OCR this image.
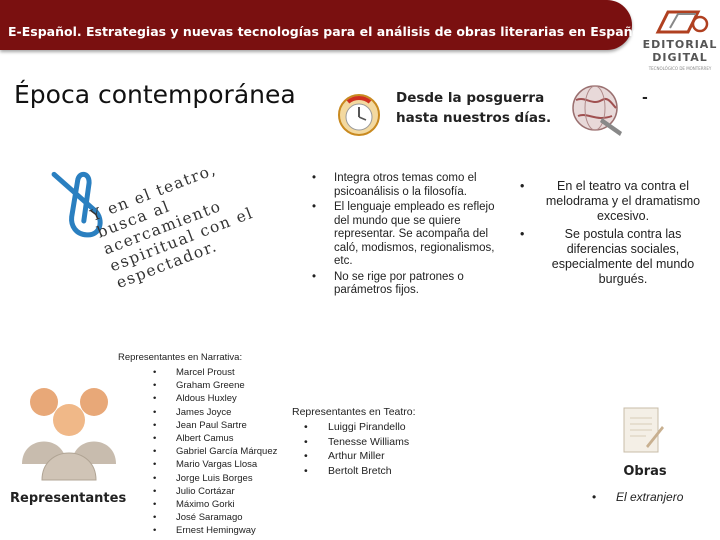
E-Español. Estrategias y nuevas tecnologías para el análisis de obras literarias en Español
EDITORIAL
DIGITAL
TECNOLÓGICO DE MONTERREY
Época contemporánea	Desde la posguerra
hasta nuestros días.
-
Y en el teatro, busca al acercamiento espiritual con el espectador.
• Integra otros temas como el psicoanálisis o la filosofía.
• El lenguaje empleado es reflejo del mundo que se quiere representar. Se acompaña del caló, modismos, regionalismos, etc.
• No se rige por patrones o parámetros fijos.
• En el teatro va contra el melodrama y el dramatismo excesivo.
• Se postula contra las diferencias sociales, especialmente del mundo burgués.
Representantes
Representantes en Narrativa:
• Marcel Proust
• Graham Greene
• Aldous Huxley
• James Joyce
• Jean Paul Sartre
• Albert Camus
• Gabriel García Márquez
• Mario Vargas Llosa
• Jorge Luis Borges
• Julio Cortázar
• Máximo Gorki
• José Saramago
• Ernest Hemingway
Representantes en Teatro:
• Luiggi Pirandello
• Tenesse Williams
• Arthur Miller
• Bertolt Bretch	Obras
• El extranjero
